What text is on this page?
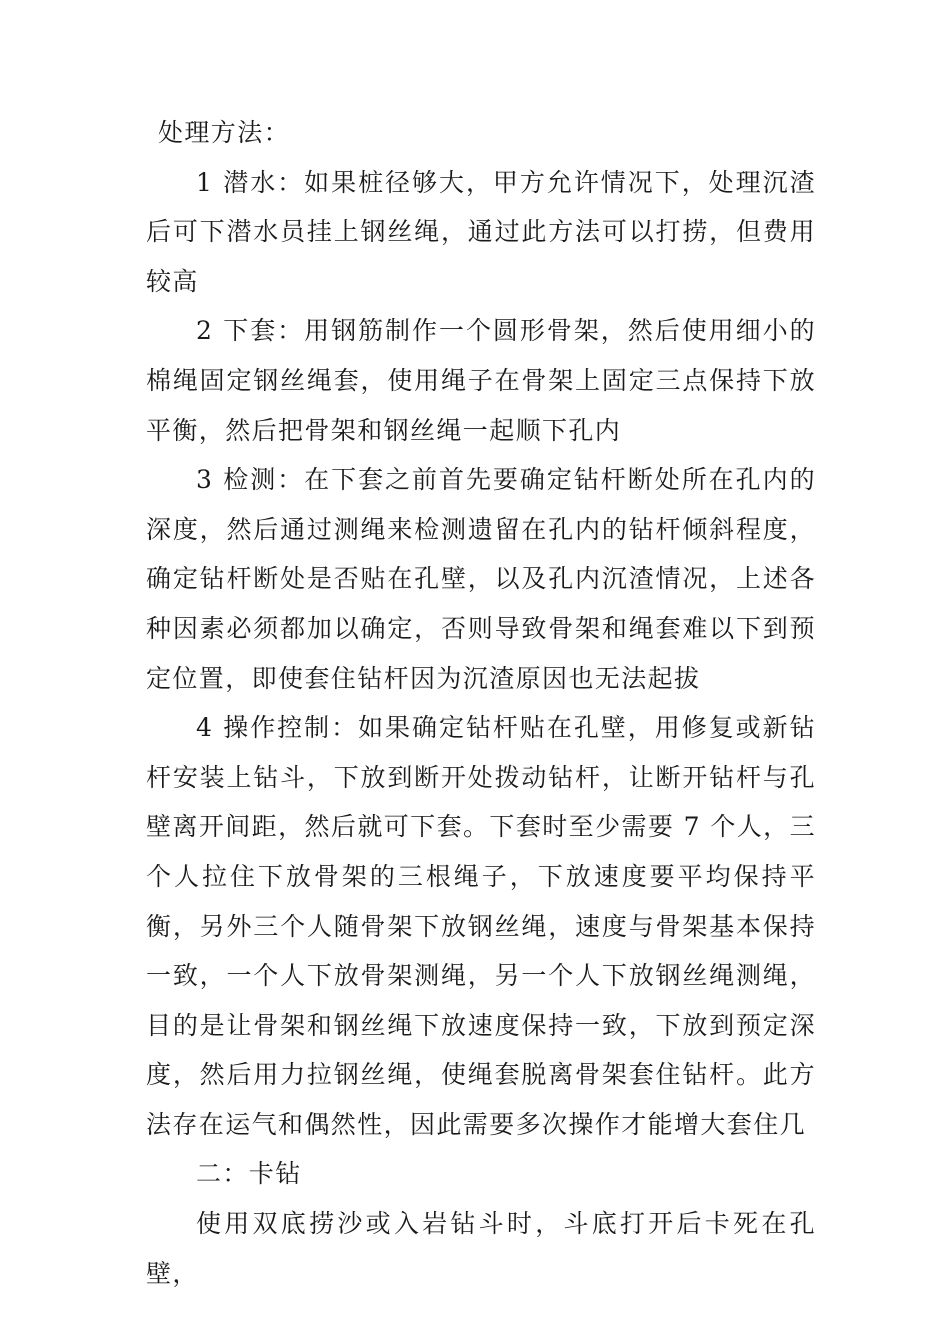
处理方法：

1 潜水：如果桩径够大，甲方允许情况下，处理沉渣后可下潜水员挂上钢丝绳，通过此方法可以打捞，但费用较高

2 下套：用钢筋制作一个圆形骨架，然后使用细小的棉绳固定钢丝绳套，使用绳子在骨架上固定三点保持下放平衡，然后把骨架和钢丝绳一起顺下孔内

3 检测：在下套之前首先要确定钻杆断处所在孔内的深度，然后通过测绳来检测遗留在孔内的钻杆倾斜程度，确定钻杆断处是否贴在孔壁，以及孔内沉渣情况，上述各种因素必须都加以确定，否则导致骨架和绳套难以下到预定位置，即使套住钻杆因为沉渣原因也无法起拔

4 操作控制：如果确定钻杆贴在孔壁，用修复或新钻杆安装上钻斗，下放到断开处拨动钻杆，让断开钻杆与孔壁离开间距，然后就可下套。下套时至少需要 7 个人，三个人拉住下放骨架的三根绳子，下放速度要平均保持平衡，另外三个人随骨架下放钢丝绳，速度与骨架基本保持一致，一个人下放骨架测绳，另一个人下放钢丝绳测绳，目的是让骨架和钢丝绳下放速度保持一致，下放到预定深度，然后用力拉钢丝绳，使绳套脱离骨架套住钻杆。此方法存在运气和偶然性，因此需要多次操作才能增大套住几

二：卡钻

使用双底捞沙或入岩钻斗时，斗底打开后卡死在孔壁，
